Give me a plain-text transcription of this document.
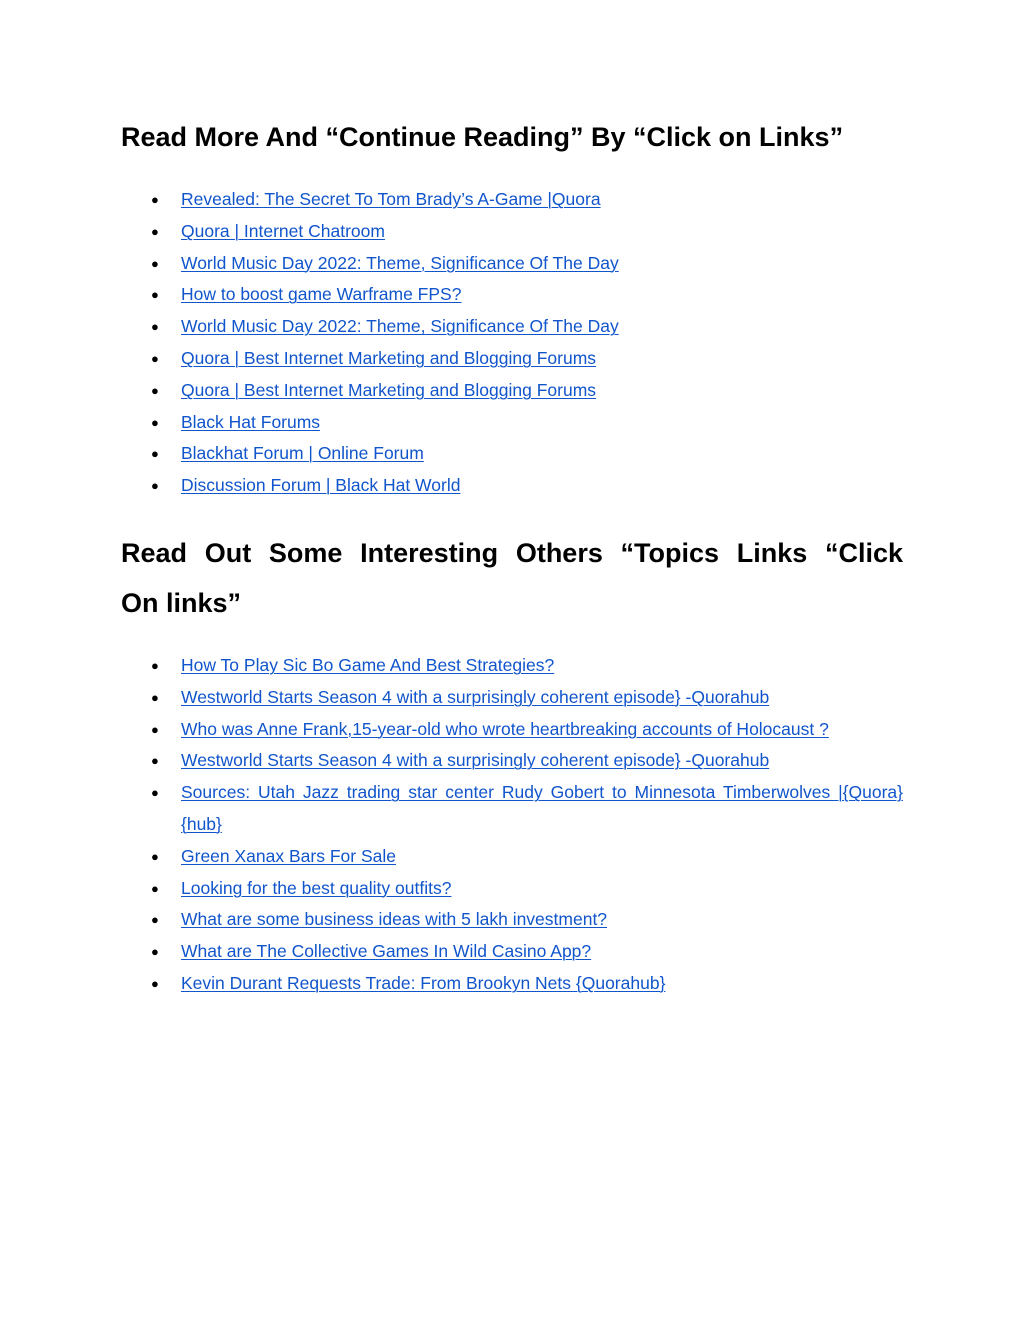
Read More And “Continue Reading” By “Click on Links”
● Revealed: The Secret To Tom Brady’s A-Game |Quora
● Quora | Internet Chatroom
● World Music Day 2022: Theme, Significance Of The Day
● How to boost game Warframe FPS?
● World Music Day 2022: Theme, Significance Of The Day
● Quora | Best Internet Marketing and Blogging Forums
● Quora | Best Internet Marketing and Blogging Forums
● Black Hat Forums
● Blackhat Forum | Online Forum
● Discussion Forum | Black Hat World
Read Out Some Interesting Others “Topics Links “Click
On links”
● How To Play Sic Bo Game And Best Strategies?
● Westworld Starts Season 4 with a surprisingly coherent episode} -Quorahub
● Who was Anne Frank,15-year-old who wrote heartbreaking accounts of Holocaust ?
● Westworld Starts Season 4 with a surprisingly coherent episode} -Quorahub
● Sources: Utah Jazz trading star center Rudy Gobert to Minnesota Timberwolves |{Quora} {hub}
● Green Xanax Bars For Sale
● Looking for the best quality outfits?
● What are some business ideas with 5 lakh investment?
● What are The Collective Games In Wild Casino App?
● Kevin Durant Requests Trade: From Brookyn Nets {Quorahub}
